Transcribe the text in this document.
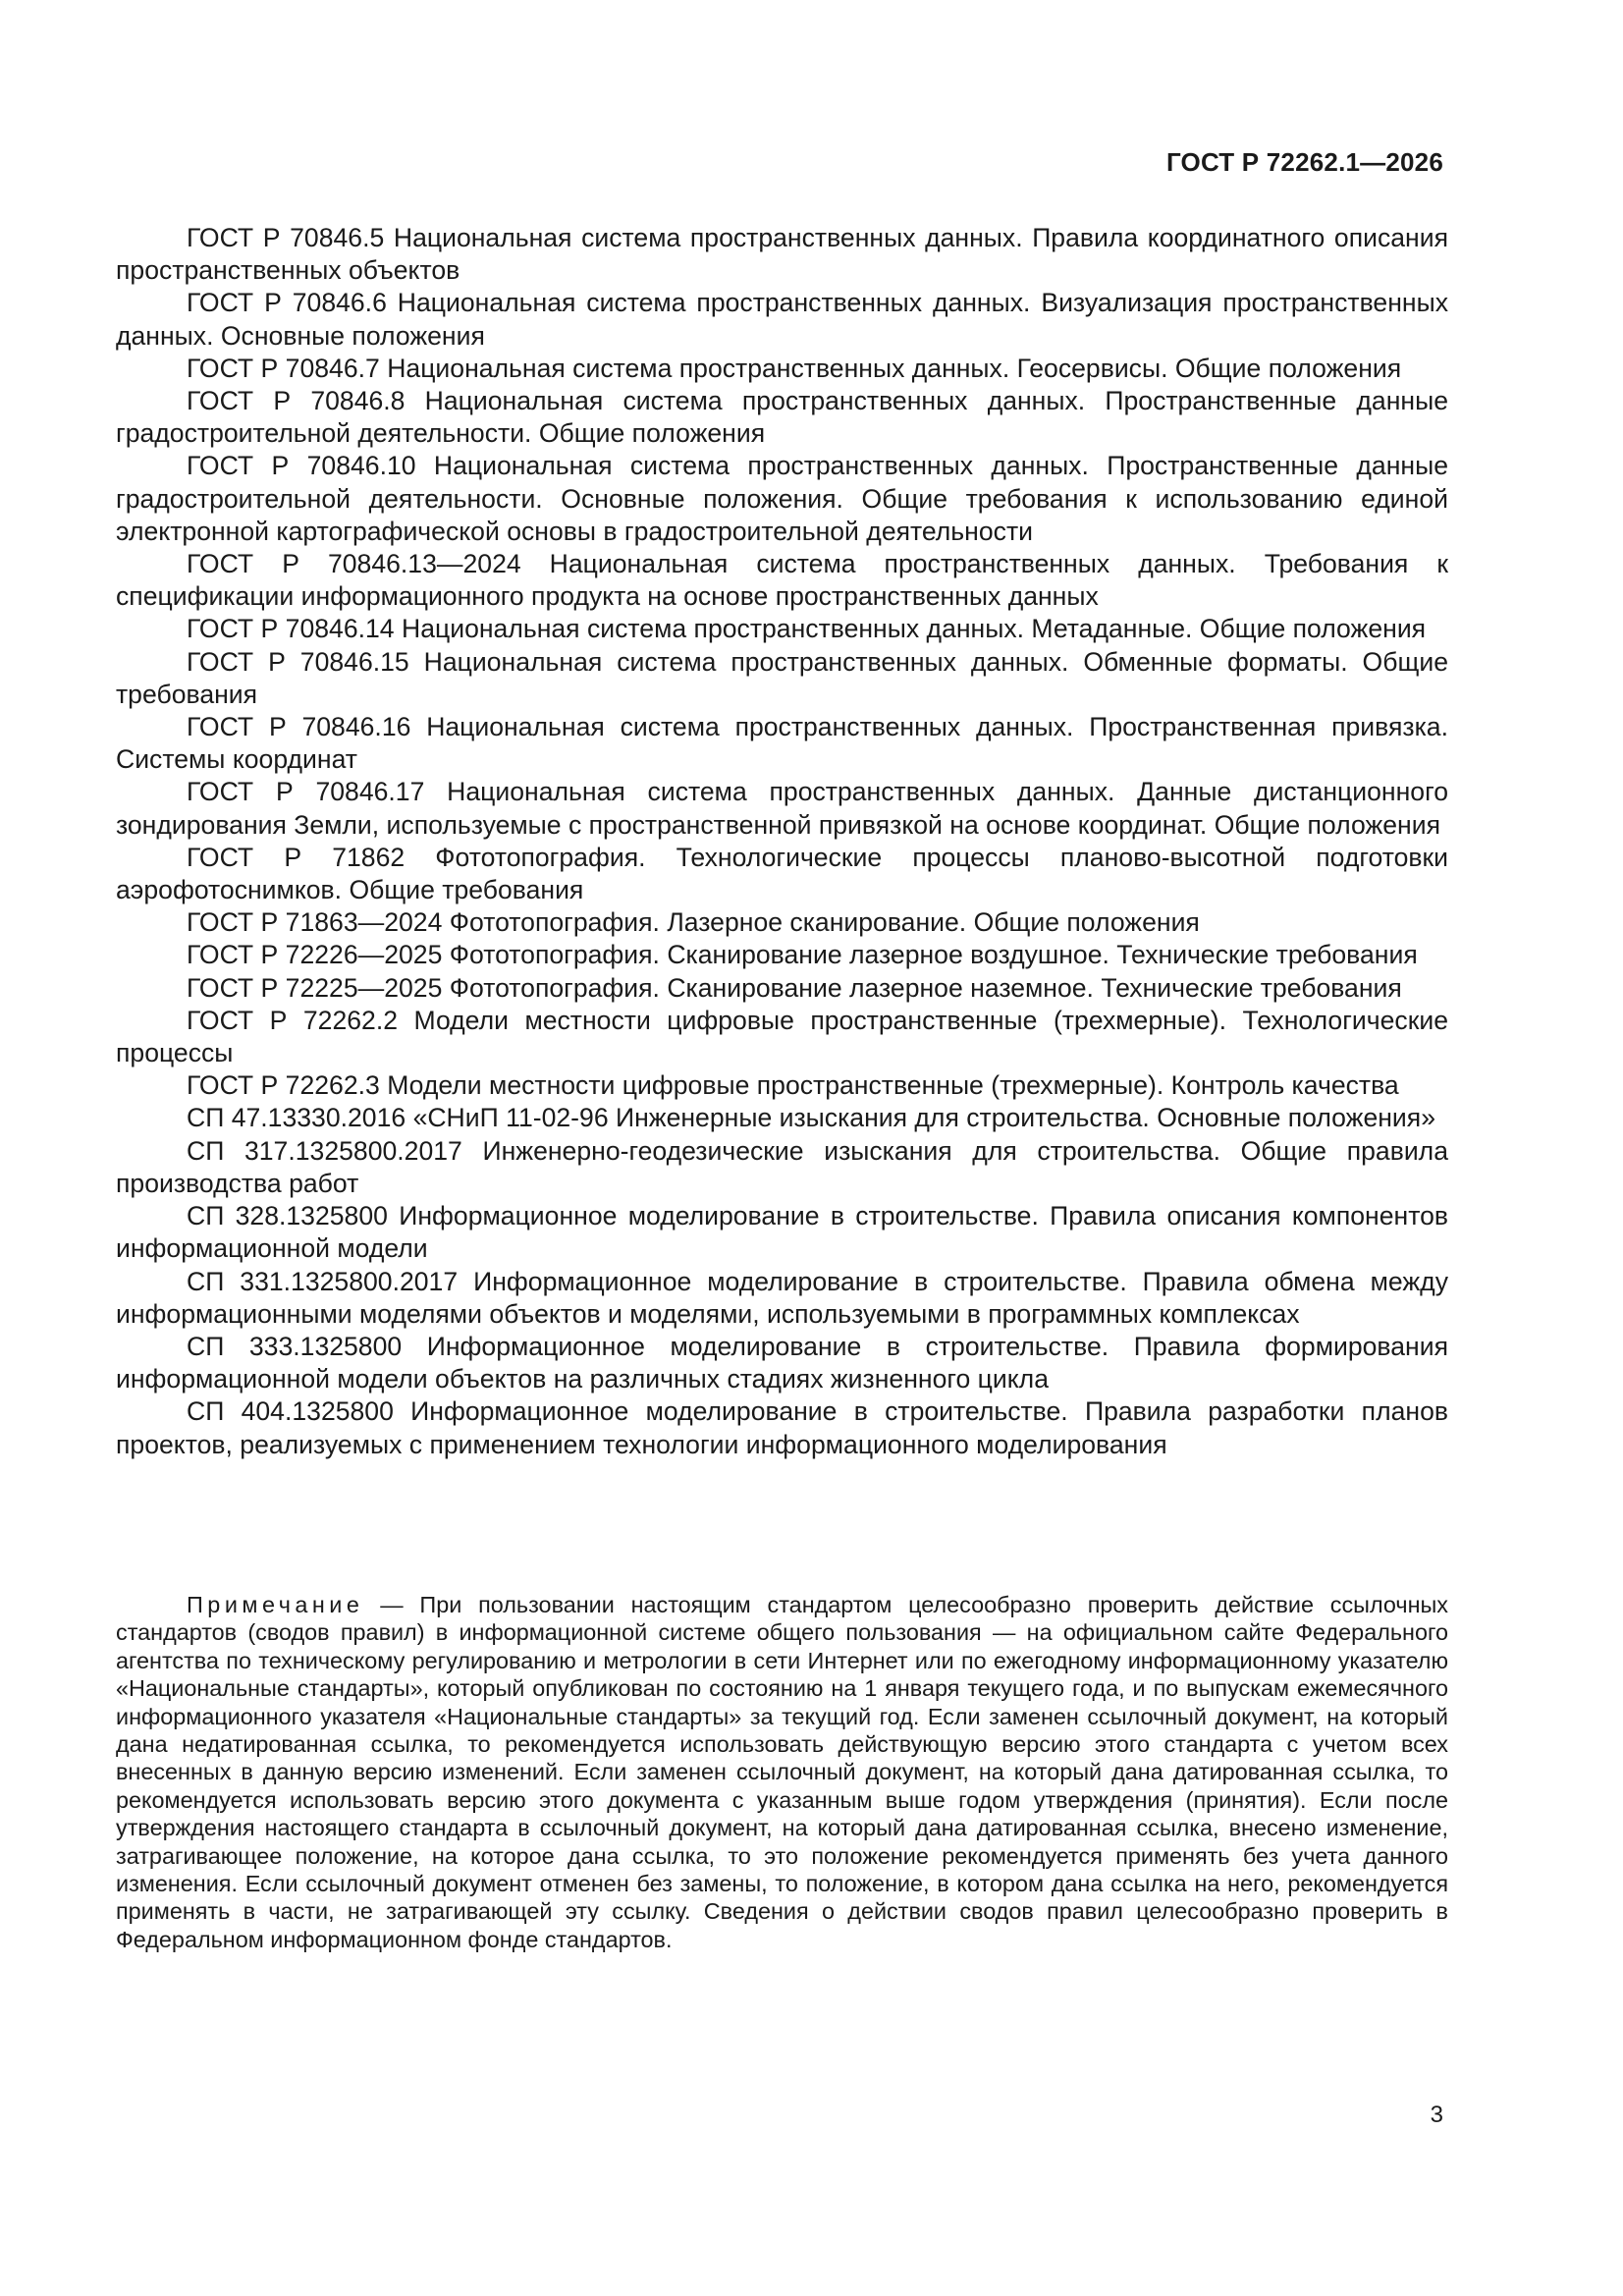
ГОСТ Р 72262.1—2026

ГОСТ Р 70846.5 Национальная система пространственных данных. Правила координатного описания пространственных объектов

ГОСТ Р 70846.6 Национальная система пространственных данных. Визуализация пространственных данных. Основные положения

ГОСТ Р 70846.7 Национальная система пространственных данных. Геосервисы. Общие положения

ГОСТ Р 70846.8 Национальная система пространственных данных. Пространственные данные градостроительной деятельности. Общие положения

ГОСТ Р 70846.10 Национальная система пространственных данных. Пространственные данные градостроительной деятельности. Основные положения. Общие требования к использованию единой электронной картографической основы в градостроительной деятельности

ГОСТ Р 70846.13—2024 Национальная система пространственных данных. Требования к спецификации информационного продукта на основе пространственных данных

ГОСТ Р 70846.14 Национальная система пространственных данных. Метаданные. Общие положения

ГОСТ Р 70846.15 Национальная система пространственных данных. Обменные форматы. Общие требования

ГОСТ Р 70846.16 Национальная система пространственных данных. Пространственная привязка. Системы координат

ГОСТ Р 70846.17 Национальная система пространственных данных. Данные дистанционного зондирования Земли, используемые с пространственной привязкой на основе координат. Общие положения

ГОСТ Р 71862 Фототопография. Технологические процессы планово-высотной подготовки аэрофотоснимков. Общие требования

ГОСТ Р 71863—2024 Фототопография. Лазерное сканирование. Общие положения

ГОСТ Р 72226—2025 Фототопография. Сканирование лазерное воздушное. Технические требования

ГОСТ Р 72225—2025 Фототопография. Сканирование лазерное наземное. Технические требования

ГОСТ Р 72262.2 Модели местности цифровые пространственные (трехмерные). Технологические процессы

ГОСТ Р 72262.3 Модели местности цифровые пространственные (трехмерные). Контроль качества

СП 47.13330.2016 «СНиП 11-02-96 Инженерные изыскания для строительства. Основные положения»

СП 317.1325800.2017 Инженерно-геодезические изыскания для строительства. Общие правила производства работ

СП 328.1325800 Информационное моделирование в строительстве. Правила описания компонентов информационной модели

СП 331.1325800.2017 Информационное моделирование в строительстве. Правила обмена между информационными моделями объектов и моделями, используемыми в программных комплексах

СП 333.1325800 Информационное моделирование в строительстве. Правила формирования информационной модели объектов на различных стадиях жизненного цикла

СП 404.1325800 Информационное моделирование в строительстве. Правила разработки планов проектов, реализуемых с применением технологии информационного моделирования

Примечание — При пользовании настоящим стандартом целесообразно проверить действие ссылочных стандартов (сводов правил) в информационной системе общего пользования — на официальном сайте Федерального агентства по техническому регулированию и метрологии в сети Интернет или по ежегодному информационному указателю «Национальные стандарты», который опубликован по состоянию на 1 января текущего года, и по выпускам ежемесячного информационного указателя «Национальные стандарты» за текущий год. Если заменен ссылочный документ, на который дана недатированная ссылка, то рекомендуется использовать действующую версию этого стандарта с учетом всех внесенных в данную версию изменений. Если заменен ссылочный документ, на который дана датированная ссылка, то рекомендуется использовать версию этого документа с указанным выше годом утверждения (принятия). Если после утверждения настоящего стандарта в ссылочный документ, на который дана датированная ссылка, внесено изменение, затрагивающее положение, на которое дана ссылка, то это положение рекомендуется применять без учета данного изменения. Если ссылочный документ отменен без замены, то положение, в котором дана ссылка на него, рекомендуется применять в части, не затрагивающей эту ссылку. Сведения о действии сводов правил целесообразно проверить в Федеральном информационном фонде стандартов.

3
